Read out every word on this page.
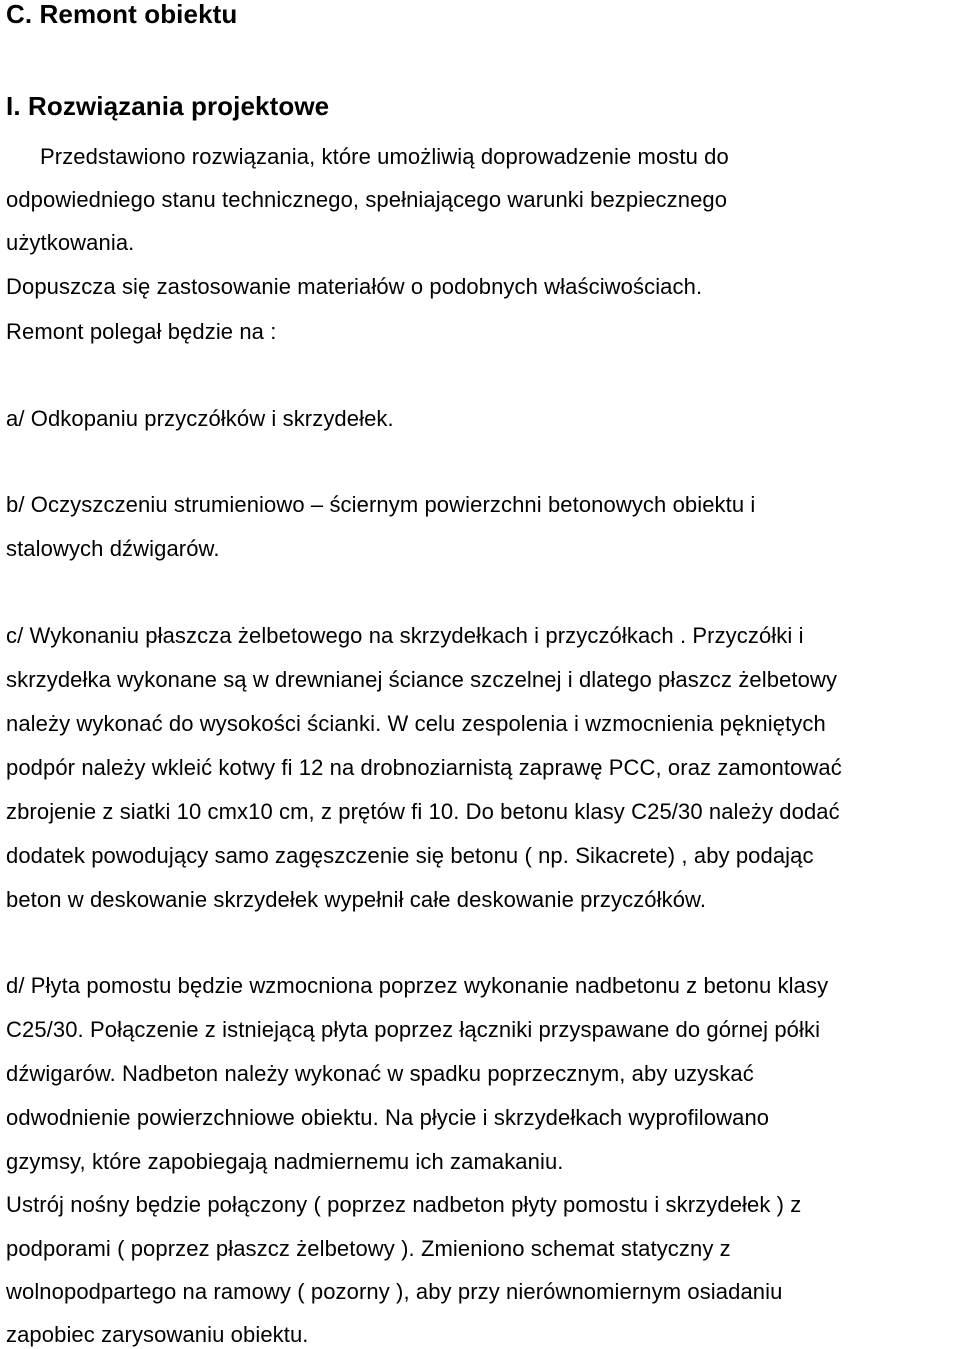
C. Remont obiektu
I. Rozwiązania projektowe
Przedstawiono rozwiązania, które umożliwią doprowadzenie mostu do
odpowiedniego stanu technicznego, spełniającego warunki bezpiecznego
użytkowania.
Dopuszcza się zastosowanie materiałów o podobnych właściwościach.
Remont polegał będzie na :
a/ Odkopaniu przyczółków i skrzydełek.
b/ Oczyszczeniu strumieniowo – ściernym powierzchni betonowych obiektu i
stalowych dźwigarów.
c/ Wykonaniu płaszcza żelbetowego na skrzydełkach i przyczółkach . Przyczółki i
skrzydełka wykonane są w drewnianej ściance szczelnej i dlatego płaszcz żelbetowy
należy wykonać do wysokości ścianki. W celu zespolenia i wzmocnienia pękniętych
podpór należy wkleić kotwy fi 12 na drobnoziarnistą zaprawę PCC, oraz zamontować
zbrojenie z siatki 10 cmx10 cm, z prętów fi 10. Do betonu klasy C25/30 należy dodać
dodatek powodujący samo zagęszczenie się betonu ( np. Sikacrete) , aby podając
beton w deskowanie skrzydełek wypełnił całe deskowanie przyczółków.
d/ Płyta pomostu będzie wzmocniona poprzez wykonanie nadbetonu z betonu klasy
C25/30. Połączenie z istniejącą płyta poprzez łączniki przyspawane do górnej półki
dźwigarów. Nadbeton należy wykonać w spadku poprzecznym, aby uzyskać
odwodnienie powierzchniowe obiektu. Na płycie i skrzydełkach wyprofilowano
gzymsy, które zapobiegają nadmiernemu ich zamakaniu.
Ustrój nośny będzie połączony ( poprzez nadbeton płyty pomostu i skrzydełek ) z
podporami ( poprzez płaszcz żelbetowy ). Zmieniono schemat statyczny z
wolnopodpartego na ramowy ( pozorny ), aby przy nierównomiernym osiadaniu
zapobiec zarysowaniu obiektu.
